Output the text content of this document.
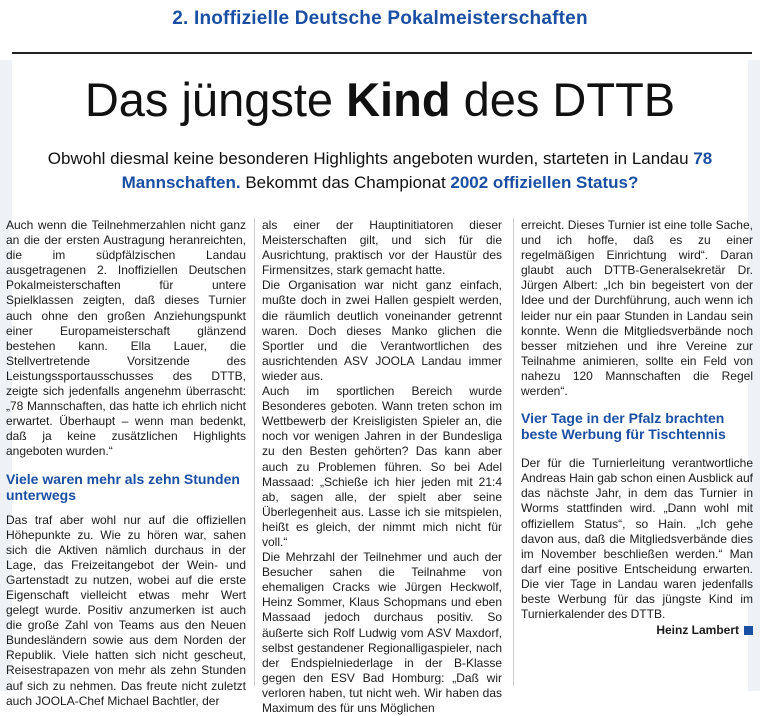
2. Inoffizielle Deutsche Pokalmeisterschaften
Das jüngste Kind des DTTB
Obwohl diesmal keine besonderen Highlights angeboten wurden, starteten in Landau 78 Mannschaften. Bekommt das Championat 2002 offiziellen Status?

Auch wenn die Teilnehmerzahlen nicht ganz an die der ersten Austragung heranreichten, die im südpfälzischen Landau ausgetragenen 2. Inoffiziellen Deutschen Pokalmeisterschaften für untere Spielklassen zeigten, daß dieses Turnier auch ohne den großen Anziehungspunkt einer Europameisterschaft glänzend bestehen kann. Ella Lauer, die Stellvertretende Vorsitzende des Leistungssportausschusses des DTTB, zeigte sich jedenfalls angenehm überrascht: „78 Mannschaften, das hatte ich ehrlich nicht erwartet. Überhaupt – wenn man bedenkt, daß ja keine zusätzlichen Highlights angeboten wurden.“

Viele waren mehr als zehn Stunden unterwegs

Das traf aber wohl nur auf die offiziellen Höhepunkte zu. Wie zu hören war, sahen sich die Aktiven nämlich durchaus in der Lage, das Freizeitangebot der Wein- und Gartenstadt zu nutzen, wobei auf die erste Eigenschaft vielleicht etwas mehr Wert gelegt wurde. Positiv anzumerken ist auch die große Zahl von Teams aus den Neuen Bundesländern sowie aus dem Norden der Republik. Viele hatten sich nicht gescheut, Reisestrapazen von mehr als zehn Stunden auf sich zu nehmen. Das freute nicht zuletzt auch JOOLA-Chef Michael Bachtler, der

als einer der Hauptinitiatoren dieser Meisterschaften gilt, und sich für die Ausrichtung, praktisch vor der Haustür des Firmensitzes, stark gemacht hatte.

Die Organisation war nicht ganz einfach, mußte doch in zwei Hallen gespielt werden, die räumlich deutlich voneinander getrennt waren. Doch dieses Manko glichen die Sportler und die Verantwortlichen des ausrichtenden ASV JOOLA Landau immer wieder aus.

Auch im sportlichen Bereich wurde Besonderes geboten. Wann treten schon im Wettbewerb der Kreisligisten Spieler an, die noch vor wenigen Jahren in der Bundesliga zu den Besten gehörten? Das kann aber auch zu Problemen führen. So bei Adel Massaad: „Schieße ich hier jeden mit 21:4 ab, sagen alle, der spielt aber seine Überlegenheit aus. Lasse ich sie mitspielen, heißt es gleich, der nimmt mich nicht für voll.“

Die Mehrzahl der Teilnehmer und auch der Besucher sahen die Teilnahme von ehemaligen Cracks wie Jürgen Heckwolf, Heinz Sommer, Klaus Schopmans und eben Massaad jedoch durchaus positiv. So äußerte sich Rolf Ludwig vom ASV Maxdorf, selbst gestandener Regionalligaspieler, nach der Endspielniederlage in der B-Klasse gegen den ESV Bad Homburg: „Daß wir verloren haben, tut nicht weh. Wir haben das Maximum des für uns Möglichen

erreicht. Dieses Turnier ist eine tolle Sache, und ich hoffe, daß es zu einer regelmäßigen Einrichtung wird“. Daran glaubt auch DTTB-Generalsekretär Dr. Jürgen Albert: „Ich bin begeistert von der Idee und der Durchführung, auch wenn ich leider nur ein paar Stunden in Landau sein konnte. Wenn die Mitgliedsverbände noch besser mitziehen und ihre Vereine zur Teilnahme animieren, sollte ein Feld von nahezu 120 Mannschaften die Regel werden“.

Vier Tage in der Pfalz brachten beste Werbung für Tischtennis

Der für die Turnierleitung verantwortliche Andreas Hain gab schon einen Ausblick auf das nächste Jahr, in dem das Turnier in Worms stattfinden wird. „Dann wohl mit offiziellem Status“, so Hain. „Ich gehe davon aus, daß die Mitgliedsverbände dies im November beschließen werden.“ Man darf eine positive Entscheidung erwarten. Die vier Tage in Landau waren jedenfalls beste Werbung für das jüngste Kind im Turnierkalender des DTTB.

Heinz Lambert
